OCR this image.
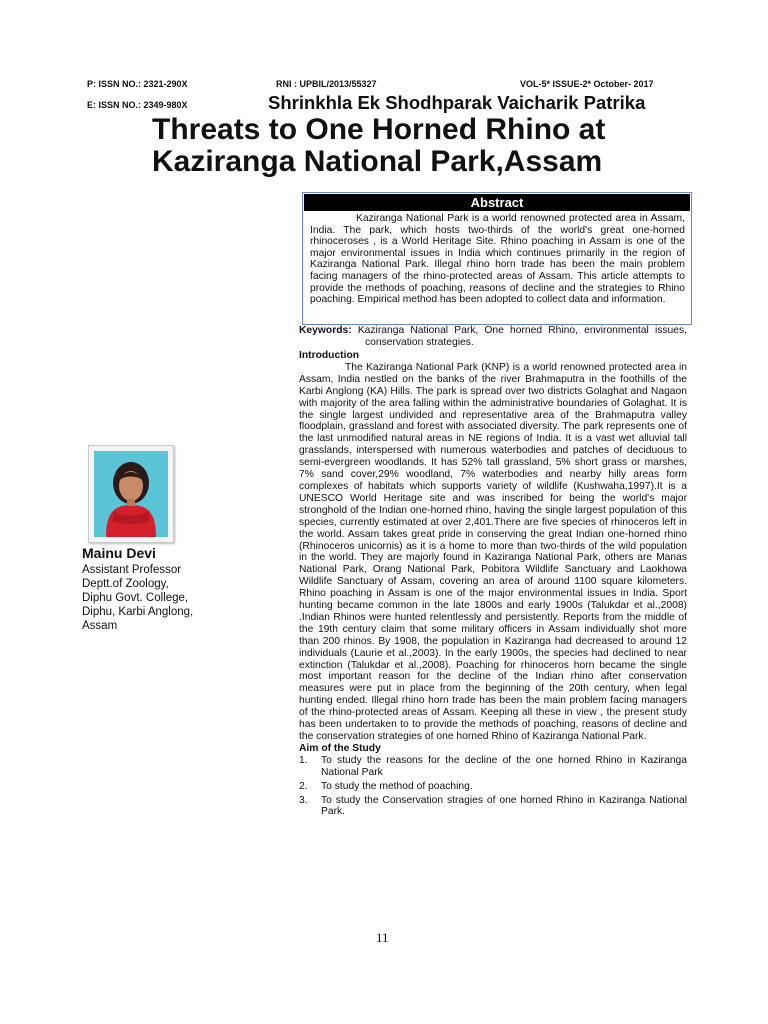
P: ISSN NO.: 2321-290X	RNI : UPBIL/2013/55327	VOL-5* ISSUE-2* October- 2017
E: ISSN NO.: 2349-980X	Shrinkhla Ek Shodhparak Vaicharik Patrika
Threats to One Horned Rhino at
Kaziranga National Park,Assam
Abstract

Kaziranga National Park is a world renowned protected area in Assam, India. The park, which hosts two-thirds of the world's great one-horned rhinoceroses , is a World Heritage Site. Rhino poaching in Assam is one of the major environmental issues in India which continues primarily in the region of Kaziranga National Park. Illegal rhino horn trade has been the main problem facing managers of the rhino-protected areas of Assam. This article attempts to provide the methods of poaching, reasons of decline and the strategies to Rhino poaching. Empirical method has been adopted to collect data and information.

Keywords: Kaziranga National Park, One horned Rhino, environmental issues, conservation strategies.

Introduction

The Kaziranga National Park (KNP) is a world renowned protected area in Assam, India nestled on the banks of the river Brahmaputra in the foothills of the Karbi Anglong (KA) Hills. The park is spread over two districts Golaghat and Nagaon with majority of the area falling within the administrative boundaries of Golaghat. It is the single largest undivided and representative area of the Brahmaputra valley floodplain, grassland and forest with associated diversity. The park represents one of the last unmodified natural areas in NE regions of India. It is a vast wet alluvial tall grasslands, interspersed with numerous waterbodies and patches of deciduous to semi-evergreen woodlands. It has 52% tall grassland, 5% short grass or marshes, 7% sand cover,29% woodland, 7% waterbodies and nearby hilly areas form complexes of habitats which supports variety of wildlife (Kushwaha,1997).It is a UNESCO World Heritage site and was inscribed for being the world's major stronghold of the Indian one-horned rhino, having the single largest population of this species, currently estimated at over 2,401.There are five species of rhinoceros left in the world. Assam takes great pride in conserving the great Indian one-horned rhino (Rhinoceros unicornis) as it is a home to more than two-thirds of the wild population in the world. They are majorly found in Kaziranga National Park, others are Manas National Park, Orang National Park, Pobitora Wildlife Sanctuary and Laokhowa Wildlife Sanctuary of Assam, covering an area of around 1100 square kilometers. Rhino poaching in Assam is one of the major environmental issues in India. Sport hunting became common in the late 1800s and early 1900s (Talukdar et al.,2008) .Indian Rhinos were hunted relentlessly and persistently. Reports from the middle of the 19th century claim that some military officers in Assam individually shot more than 200 rhinos. By 1908, the population in Kaziranga had decreased to around 12 individuals (Laurie et al.,2003). In the early 1900s, the species had declined to near extinction (Talukdar et al.,2008). Poaching for rhinoceros horn became the single most important reason for the decline of the Indian rhino after conservation measures were put in place from the beginning of the 20th century, when legal hunting ended. Illegal rhino horn trade has been the main problem facing managers of the rhino-protected areas of Assam. Keeping all these in view , the present study has been undertaken to to provide the methods of poaching, reasons of decline and the conservation strategies of one horned Rhino of Kaziranga National Park.

Aim of the Study

1. To study the reasons for the decline of the one horned Rhino in Kaziranga National Park
2. To study the method of poaching.
3. To study the Conservation stragies of one horned Rhino in Kaziranga National Park.

Mainu Devi

Assistant Professor
Deptt.of Zoology,
Diphu Govt. College,
Diphu, Karbi Anglong,
Assam
11
